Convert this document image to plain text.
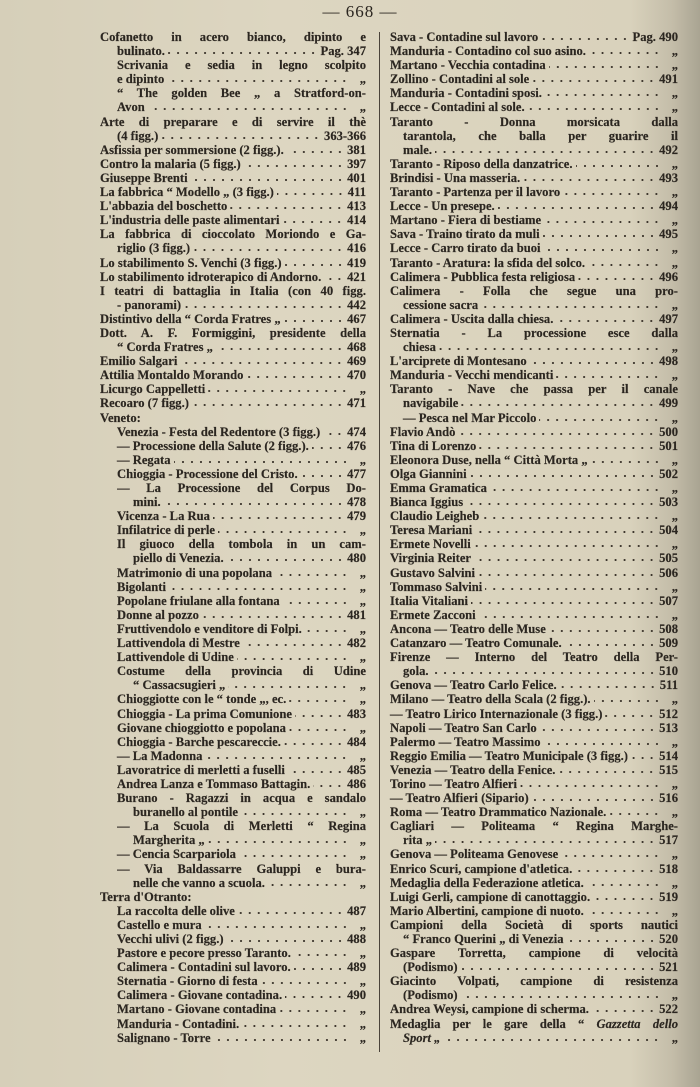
— 668 —
Cofanetto in acero bianco, dipinto e
bulinato.	Pag. 347
Scrivania e sedia in legno scolpito
e dipinto	„
“ The golden Bee „ a Stratford-on-
Avon	„
Arte di preparare e di servire il thè
(4 figg.)	363-366
Asfissia per sommersione (2 figg.).	381
Contro la malaria (5 figg.)	397
Giuseppe Brenti	401
La fabbrica “ Modello „ (3 figg.)	411
L'abbazia del boschetto	413
L'industria delle paste alimentari	414
La fabbrica di cioccolato Moriondo e Ga-
riglio (3 figg.)	416
Lo stabilimento S. Venchi (3 figg.)	419
Lo stabilimento idroterapico di Andorno. 421
I teatri di battaglia in Italia (con 40 figg.
- panorami)	442
Distintivo della “ Corda Fratres „	467
Dott. A. F. Formiggini, presidente della
“ Corda Fratres „	468
Emilio Salgari	469
Attilia Montaldo Morando	470
Licurgo Cappelletti	„
Recoaro (7 figg.)	471
Veneto:
Venezia - Festa del Redentore (3 figg.) 474
— Processione della Salute (2 figg.).	476
— Regata	„
Chioggia - Processione del Cristo.	477
— La Processione del Corpus Do-
mini.	478
Vicenza - La Rua	479
Infilatrice di perle	„
Il giuoco della tombola in un cam-
piello di Venezia.	480
Matrimonio di una popolana	„
Bigolanti	„
Popolane friulane alla fontana	„
Donne al pozzo	481
Fruttivendolo e venditore di Folpi.	„
Lattivendola di Mestre	482
Lattivendole di Udine	„
Costume della provincia di Udine
“ Cassacsugieri „	„
Chioggiotte con le “ tonde „, ec.	„
Chioggia - La prima Comunione	483
Giovane chioggiotto e popolana	„
Chioggia - Barche pescareccie.	484
— La Madonna	„
Lavoratrice di merletti a fuselli	485
Andrea Lanza e Tommaso Battagin.	486
Burano - Ragazzi in acqua e sandalo
buranello al pontile	„
— La Scuola di Merletti “ Regina
Margherita „	„
— Cencia Scarpariola	„
— Via Baldassarre Galuppi e bura-
nelle che vanno a scuola.	„
Terra d'Otranto:
La raccolta delle olive	487
Castello e mura	„
Vecchi ulivi (2 figg.)	488
Pastore e pecore presso Taranto.	„
Calimera - Contadini sul lavoro.	489
Sternatia - Giorno di festa	„
Calimera - Giovane contadina.	490
Martano - Giovane contadina	„
Manduria - Contadini.	„
Salignano - Torre	„
Sava - Contadine sul lavoro	Pag. 490
Manduria - Contadino col suo asino.	„
Martano - Vecchia contadina	„
Zollino - Contadini al sole	491
Manduria - Contadini sposi.	„
Lecce - Contadini al sole.	„
Taranto - Donna morsicata dalla
tarantola, che balla per guarire il
male.	492
Taranto - Riposo della danzatrice.	„
Brindisi - Una masseria.	493
Taranto - Partenza per il lavoro	„
Lecce - Un presepe.	494
Martano - Fiera di bestiame	„
Sava - Traino tirato da muli	495
Lecce - Carro tirato da buoi	„
Taranto - Aratura: la sfida del solco.	„
Calimera - Pubblica festa religiosa	496
Calimera - Folla che segue una pro-
cessione sacra	„
Calimera - Uscita dalla chiesa.	497
Sternatia - La processione esce dalla
chiesa	„
L'arciprete di Montesano	498
Manduria - Vecchi mendicanti	„
Taranto - Nave che passa per il canale
navigabile	499
— Pesca nel Mar Piccolo	„
Flavio Andò	500
Tina di Lorenzo	501
Eleonora Duse, nella “ Città Morta „	„
Olga Giannini	502
Emma Gramatica	„
Bianca Iggius	503
Claudio Leigheb	„
Teresa Mariani	504
Ermete Novelli	„
Virginia Reiter	505
Gustavo Salvini	506
Tommaso Salvini	„
Italia Vitaliani	507
Ermete Zacconi	„
Ancona — Teatro delle Muse	508
Catanzaro — Teatro Comunale.	509
Firenze — Interno del Teatro della Per-
gola.	510
Genova — Teatro Carlo Felice.	511
Milano — Teatro della Scala (2 figg.).	„
— Teatro Lirico Internazionale (3 figg.)	512
Napoli — Teatro San Carlo	513
Palermo — Teatro Massimo	„
Reggio Emilia — Teatro Municipale (3 figg.) 514
Venezia — Teatro della Fenice.	515
Torino — Teatro Alfieri	„
— Teatro Alfieri (Sipario)	516
Roma — Teatro Drammatico Nazionale.	„
Cagliari — Politeama “ Regina Marghe-
rita „	517
Genova — Politeama Genovese	„
Enrico Scuri, campione d'atletica.	518
Medaglia della Federazione atletica.	„
Luigi Gerli, campione di canottaggio.	519
Mario Albertini, campione di nuoto.	„
Campioni della Società di sports nautici
“ Franco Querini „ di Venezia	520
Gaspare Torretta, campione di velocità
(Podismo)	521
Giacinto Volpati, campione di resistenza
(Podismo)	„
Andrea Weysi, campione di scherma.	522
Medaglia per le gare della “ Gazzetta dello
Sport „	„
